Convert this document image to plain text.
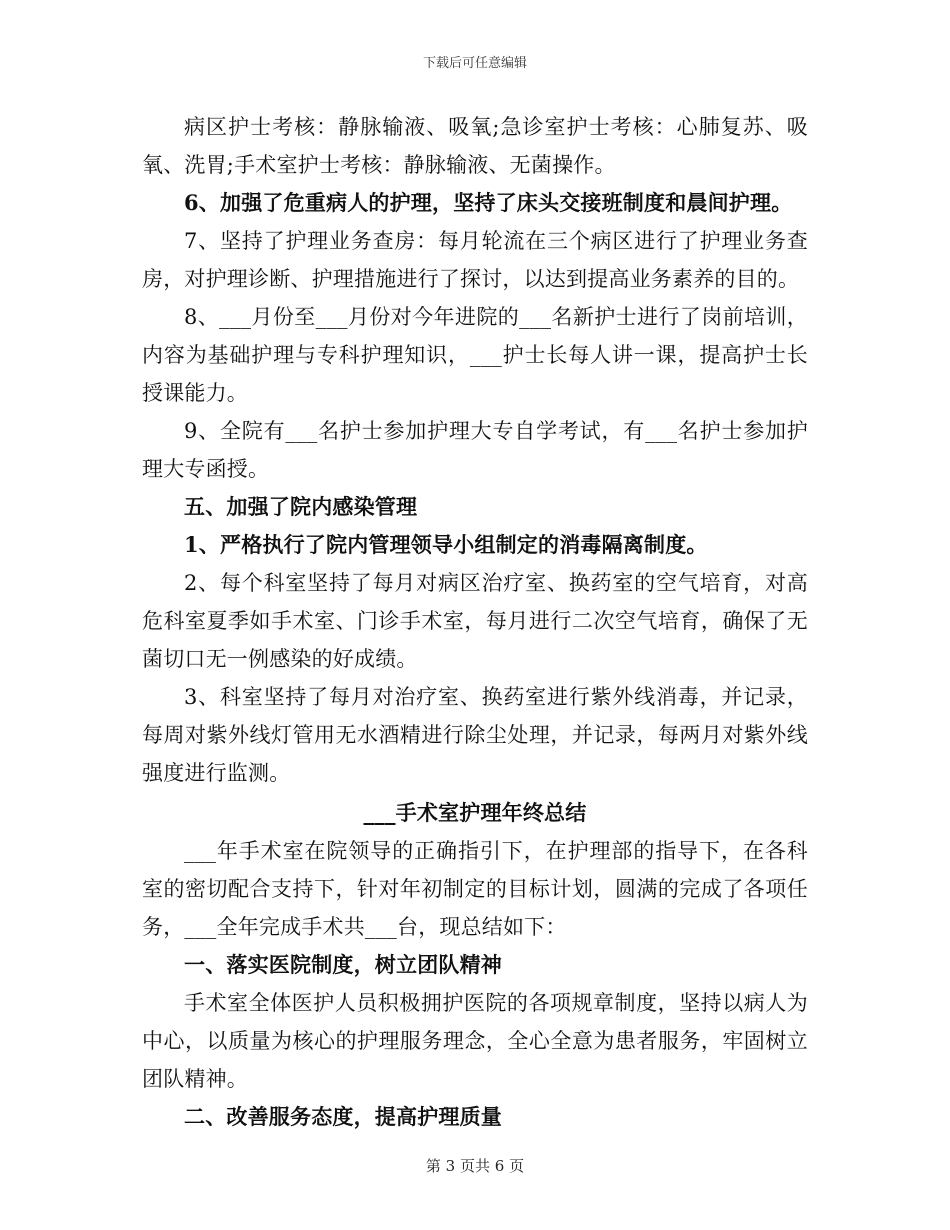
下载后可任意编辑

病区护士考核：静脉输液、吸氧;急诊室护士考核：心肺复苏、吸氧、洗胃;手术室护士考核：静脉输液、无菌操作。

6、加强了危重病人的护理，坚持了床头交接班制度和晨间护理。

7、坚持了护理业务查房：每月轮流在三个病区进行了护理业务查房，对护理诊断、护理措施进行了探讨，以达到提高业务素养的目的。

8、___月份至___月份对今年进院的___名新护士进行了岗前培训，内容为基础护理与专科护理知识，___护士长每人讲一课，提高护士长授课能力。

9、全院有___名护士参加护理大专自学考试，有___名护士参加护理大专函授。

五、加强了院内感染管理

1、严格执行了院内管理领导小组制定的消毒隔离制度。

2、每个科室坚持了每月对病区治疗室、换药室的空气培育，对高危科室夏季如手术室、门诊手术室，每月进行二次空气培育，确保了无菌切口无一例感染的好成绩。

3、科室坚持了每月对治疗室、换药室进行紫外线消毒，并记录，每周对紫外线灯管用无水酒精进行除尘处理，并记录，每两月对紫外线强度进行监测。

___手术室护理年终总结

___年手术室在院领导的正确指引下，在护理部的指导下，在各科室的密切配合支持下，针对年初制定的目标计划，圆满的完成了各项任务，___全年完成手术共___台，现总结如下：

一、落实医院制度，树立团队精神

手术室全体医护人员积极拥护医院的各项规章制度，坚持以病人为中心，以质量为核心的护理服务理念，全心全意为患者服务，牢固树立团队精神。

二、改善服务态度，提高护理质量

第 3 页共 6 页
